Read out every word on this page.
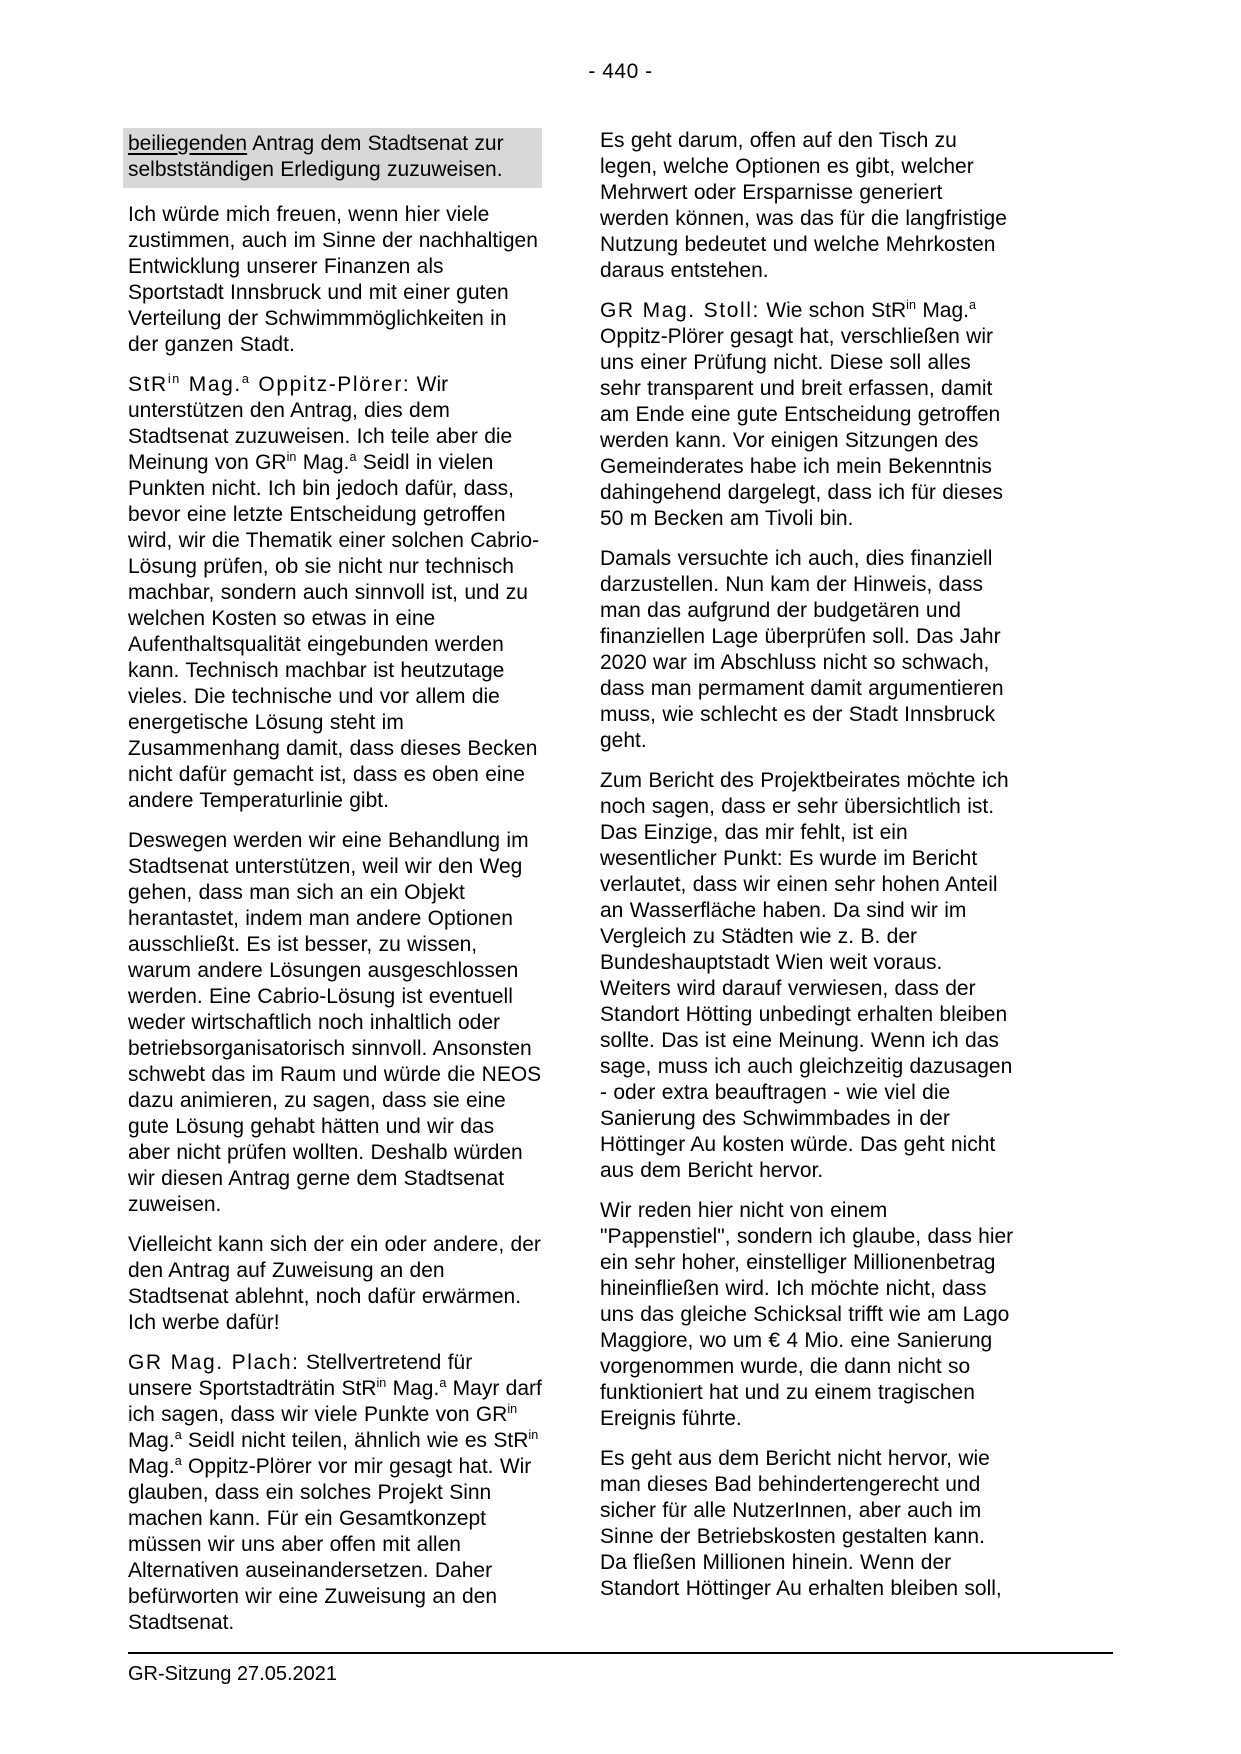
- 440 -
beiliegenden Antrag dem Stadtsenat zur selbstständigen Erledigung zuzuweisen.
Ich würde mich freuen, wenn hier viele zustimmen, auch im Sinne der nachhaltigen Entwicklung unserer Finanzen als Sportstadt Innsbruck und mit einer guten Verteilung der Schwimmmöglichkeiten in der ganzen Stadt.
StR$^{in}$ Mag.$^a$ Oppitz-Plörer: Wir unterstützen den Antrag, dies dem Stadtsenat zuzuweisen. Ich teile aber die Meinung von $GR^{in}$ Mag.$^a$ Seidl in vielen Punkten nicht. Ich bin jedoch dafür, dass, bevor eine letzte Entscheidung getroffen wird, wir die Thematik einer solchen Cabrio-Lösung prüfen, ob sie nicht nur technisch machbar, sondern auch sinnvoll ist, und zu welchen Kosten so etwas in eine Aufenthaltsqualität eingebunden werden kann. Technisch machbar ist heutzutage vieles. Die technische und vor allem die energetische Lösung steht im Zusammenhang damit, dass dieses Becken nicht dafür gemacht ist, dass es oben eine andere Temperaturlinie gibt.
Deswegen werden wir eine Behandlung im Stadtsenat unterstützen, weil wir den Weg gehen, dass man sich an ein Objekt herantastet, indem man andere Optionen ausschließt. Es ist besser, zu wissen, warum andere Lösungen ausgeschlossen werden. Eine Cabrio-Lösung ist eventuell weder wirtschaftlich noch inhaltlich oder betriebsorganisatorisch sinnvoll. Ansonsten schwebt das im Raum und würde die NEOS dazu animieren, zu sagen, dass sie eine gute Lösung gehabt hätten und wir das aber nicht prüfen wollten. Deshalb würden wir diesen Antrag gerne dem Stadtsenat zuweisen.
Vielleicht kann sich der ein oder andere, der den Antrag auf Zuweisung an den Stadtsenat ablehnt, noch dafür erwärmen. Ich werbe dafür!
GR Mag. Plach: Stellvertretend für unsere Sportstadträtin StR$^{in}$ Mag.$^a$ Mayr darf ich sagen, dass wir viele Punkte von $GR^{in}$ Mag.$^a$ Seidl nicht teilen, ähnlich wie es StR$^{in}$ Mag.$^a$ Oppitz-Plörer vor mir gesagt hat. Wir glauben, dass ein solches Projekt Sinn machen kann. Für ein Gesamtkonzept müssen wir uns aber offen mit allen Alternativen auseinandersetzen. Daher befürworten wir eine Zuweisung an den Stadtsenat.
Es geht darum, offen auf den Tisch zu legen, welche Optionen es gibt, welcher Mehrwert oder Ersparnisse generiert werden können, was das für die langfristige Nutzung bedeutet und welche Mehrkosten daraus entstehen.
GR Mag. Stoll: Wie schon StR$^{in}$ Mag.$^a$ Oppitz-Plörer gesagt hat, verschließen wir uns einer Prüfung nicht. Diese soll alles sehr transparent und breit erfassen, damit am Ende eine gute Entscheidung getroffen werden kann. Vor einigen Sitzungen des Gemeinderates habe ich mein Bekenntnis dahingehend dargelegt, dass ich für dieses 50 m Becken am Tivoli bin.
Damals versuchte ich auch, dies finanziell darzustellen. Nun kam der Hinweis, dass man das aufgrund der budgetären und finanziellen Lage überprüfen soll. Das Jahr 2020 war im Abschluss nicht so schwach, dass man permament damit argumentieren muss, wie schlecht es der Stadt Innsbruck geht.
Zum Bericht des Projektbeirates möchte ich noch sagen, dass er sehr übersichtlich ist. Das Einzige, das mir fehlt, ist ein wesentlicher Punkt: Es wurde im Bericht verlautet, dass wir einen sehr hohen Anteil an Wasserfläche haben. Da sind wir im Vergleich zu Städten wie z. B. der Bundeshauptstadt Wien weit voraus. Weiters wird darauf verwiesen, dass der Standort Hötting unbedingt erhalten bleiben sollte. Das ist eine Meinung. Wenn ich das sage, muss ich auch gleichzeitig dazusagen - oder extra beauftragen - wie viel die Sanierung des Schwimmbades in der Höttinger Au kosten würde. Das geht nicht aus dem Bericht hervor.
Wir reden hier nicht von einem "Pappenstiel", sondern ich glaube, dass hier ein sehr hoher, einstelliger Millionenbetrag hineinfließen wird. Ich möchte nicht, dass uns das gleiche Schicksal trifft wie am Lago Maggiore, wo um € 4 Mio. eine Sanierung vorgenommen wurde, die dann nicht so funktioniert hat und zu einem tragischen Ereignis führte.
Es geht aus dem Bericht nicht hervor, wie man dieses Bad behindertengerecht und sicher für alle NutzerInnen, aber auch im Sinne der Betriebskosten gestalten kann. Da fließen Millionen hinein. Wenn der Standort Höttinger Au erhalten bleiben soll,
GR-Sitzung 27.05.2021
